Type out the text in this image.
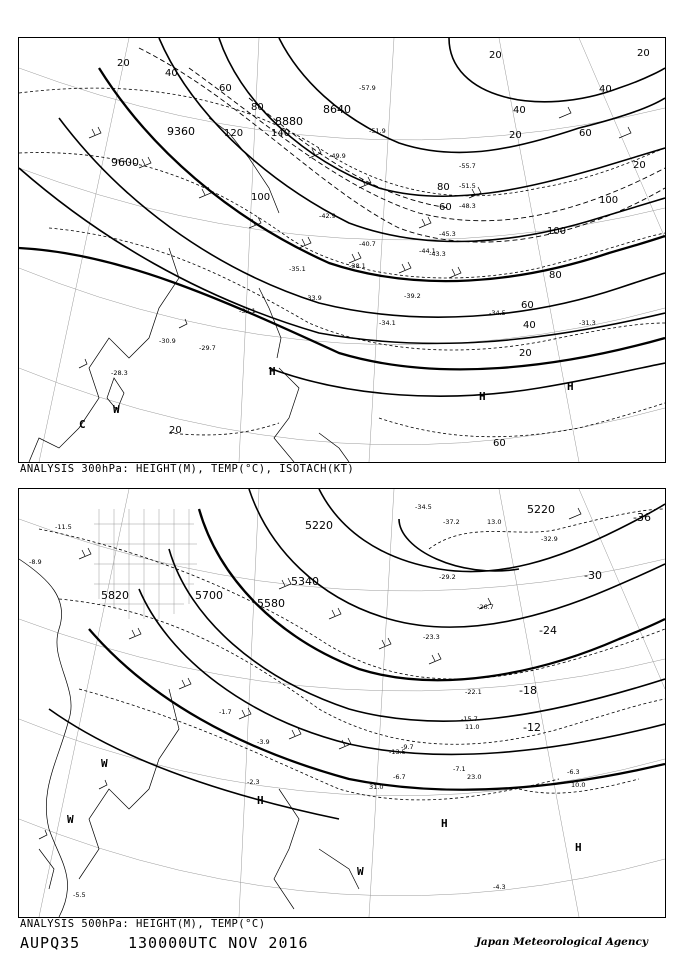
8640
8880
9360
9600
20
40
60
80
100
120	140
100
80
60
40
20
20	20
20
40
60
80
60
20
20
60
40
100
H
H
H
C
W
-55.7
-51.5
-48.3
-44.1
-39.2
-34.1	-31.3
-49.9
-42.9
-35.1
-33.9
-29.7
-30.9
-28.3
-32.1	-34.5
-45.3
-43.3
-51.9
-57.9
-38.1
-40.7
ANALYSIS 300hPa: HEIGHT(M), TEMP(°C), ISOTACH(KT)
5220
5340
5220
5580
5700
5820
-36
-30
-24
-18
-12
H
H
H
W
W
W
-34.5
-37.2
-32.9
-29.2
-26.7
-23.3
-22.1
-15.7
-13.5
-9.7
-6.7
-7.1
-4.3
-6.3
-1.7
-3.9
-2.3
-5.5
-11.5
-8.9
13.0
11.0
23.0
31.0	10.0
ANALYSIS 500hPa: HEIGHT(M), TEMP(°C)
AUPQ35	130000UTC NOV 2016	Japan Meteorological Agency
